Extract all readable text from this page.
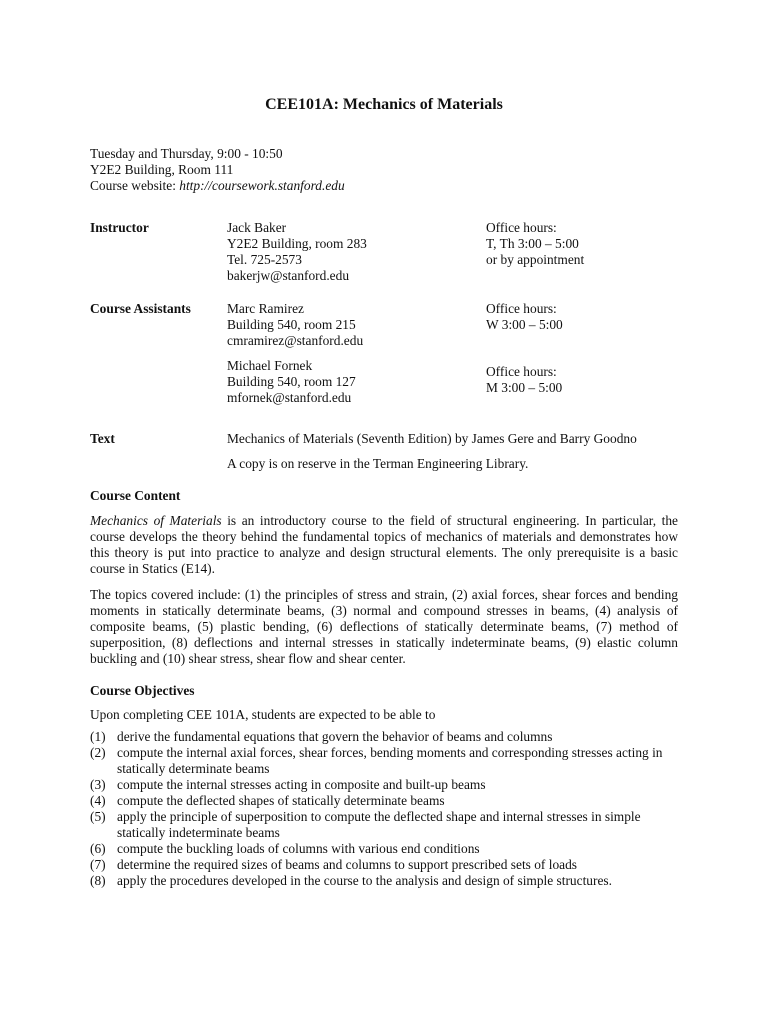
CEE101A: Mechanics of Materials
Tuesday and Thursday, 9:00 - 10:50
Y2E2 Building, Room 111
Course website: http://coursework.stanford.edu
Instructor	Jack Baker
Y2E2 Building, room 283
Tel. 725-2573
bakerjw@stanford.edu
Office hours:
T, Th 3:00 – 5:00
or by appointment
Course Assistants	Marc Ramirez
Building 540, room 215
cmramirez@stanford.edu
Office hours:
W 3:00 – 5:00
Michael Fornek
Building 540, room 127
mfornek@stanford.edu
Office hours:
M 3:00 – 5:00
Text	Mechanics of Materials (Seventh Edition) by James Gere and Barry Goodno
A copy is on reserve in the Terman Engineering Library.
Course Content
Mechanics of Materials is an introductory course to the field of structural engineering. In particular, the course develops the theory behind the fundamental topics of mechanics of materials and demonstrates how this theory is put into practice to analyze and design structural elements. The only prerequisite is a basic course in Statics (E14).
The topics covered include: (1) the principles of stress and strain, (2) axial forces, shear forces and bending moments in statically determinate beams, (3) normal and compound stresses in beams, (4) analysis of composite beams, (5) plastic bending, (6) deflections of statically determinate beams, (7) method of superposition, (8) deflections and internal stresses in statically indeterminate beams, (9) elastic column buckling and (10) shear stress, shear flow and shear center.
Course Objectives
Upon completing CEE 101A, students are expected to be able to
(1) derive the fundamental equations that govern the behavior of beams and columns
(2) compute the internal axial forces, shear forces, bending moments and corresponding stresses acting in statically determinate beams
(3) compute the internal stresses acting in composite and built-up beams
(4) compute the deflected shapes of statically determinate beams
(5) apply the principle of superposition to compute the deflected shape and internal stresses in simple statically indeterminate beams
(6) compute the buckling loads of columns with various end conditions
(7) determine the required sizes of beams and columns to support prescribed sets of loads
(8) apply the procedures developed in the course to the analysis and design of simple structures.
